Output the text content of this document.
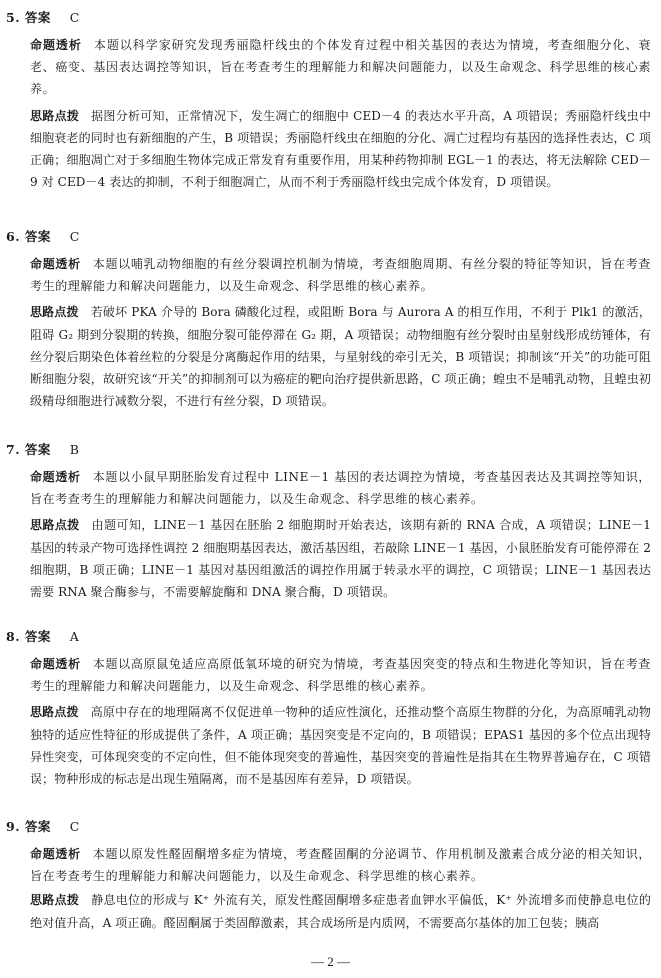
5. 答案 C
命题透析 本题以科学家研究发现秀丽隐杆线虫的个体发育过程中相关基因的表达为情境，考查细胞分化、衰老、癌变、基因表达调控等知识，旨在考查考生的理解能力和解决问题能力，以及生命观念、科学思维的核心素养。
思路点拨 据图分析可知，正常情况下，发生凋亡的细胞中 CED－4 的表达水平升高，A 项错误；秀丽隐杆线虫中细胞衰老的同时也有新细胞的产生，B 项错误；秀丽隐杆线虫在细胞的分化、凋亡过程均有基因的选择性表达，C 项正确；细胞凋亡对于多细胞生物体完成正常发育有重要作用，用某种药物抑制 EGL－1 的表达，将无法解除 CED－9 对 CED－4 表达的抑制，不利于细胞凋亡，从而不利于秀丽隐杆线虫完成个体发育，D 项错误。
6. 答案 C
命题透析 本题以哺乳动物细胞的有丝分裂调控机制为情境，考查细胞周期、有丝分裂的特征等知识，旨在考查考生的理解能力和解决问题能力，以及生命观念、科学思维的核心素养。
思路点拨 若破坏 PKA 介导的 Bora 磷酸化过程，或阻断 Bora 与 Aurora A 的相互作用，不利于 Plk1 的激活，阻碍 G₂ 期到分裂期的转换，细胞分裂可能停滞在 G₂ 期，A 项错误；动物细胞有丝分裂时由星射线形成纺锤体，有丝分裂后期染色体着丝粒的分裂是分离酶起作用的结果，与星射线的牵引无关，B 项错误；抑制该“开关”的功能可阻断细胞分裂，故研究该“开关”的抑制剂可以为癌症的靶向治疗提供新思路，C 项正确；蝗虫不是哺乳动物，且蝗虫初级精母细胞进行减数分裂，不进行有丝分裂，D 项错误。
7. 答案 B
命题透析 本题以小鼠早期胚胎发育过程中 LINE－1 基因的表达调控为情境，考查基因表达及其调控等知识，旨在考查考生的理解能力和解决问题能力，以及生命观念、科学思维的核心素养。
思路点拨 由题可知，LINE－1 基因在胚胎 2 细胞期时开始表达，该期有新的 RNA 合成，A 项错误；LINE－1 基因的转录产物可选择性调控 2 细胞期基因表达，激活基因组，若敲除 LINE－1 基因，小鼠胚胎发育可能停滞在 2 细胞期，B 项正确；LINE－1 基因对基因组激活的调控作用属于转录水平的调控，C 项错误；LINE－1 基因表达需要 RNA 聚合酶参与，不需要解旋酶和 DNA 聚合酶，D 项错误。
8. 答案 A
命题透析 本题以高原鼠兔适应高原低氧环境的研究为情境，考查基因突变的特点和生物进化等知识，旨在考查考生的理解能力和解决问题能力，以及生命观念、科学思维的核心素养。
思路点拨 高原中存在的地理隔离不仅促进单一物种的适应性演化，还推动整个高原生物群的分化，为高原哺乳动物独特的适应性特征的形成提供了条件，A 项正确；基因突变是不定向的，B 项错误；EPAS1 基因的多个位点出现特异性突变，可体现突变的不定向性，但不能体现突变的普遍性，基因突变的普遍性是指其在生物界普遍存在，C 项错误；物种形成的标志是出现生殖隔离，而不是基因库有差异，D 项错误。
9. 答案 C
命题透析 本题以原发性醛固酮增多症为情境，考查醛固酮的分泌调节、作用机制及激素合成分泌的相关知识，旨在考查考生的理解能力和解决问题能力，以及生命观念、科学思维的核心素养。
思路点拨 静息电位的形成与 K⁺ 外流有关，原发性醛固酮增多症患者血钾水平偏低，K⁺ 外流增多而使静息电位的绝对值升高，A 项正确。醛固酮属于类固醇激素，其合成场所是内质网，不需要高尔基体的加工包装；胰高
— 2 —
